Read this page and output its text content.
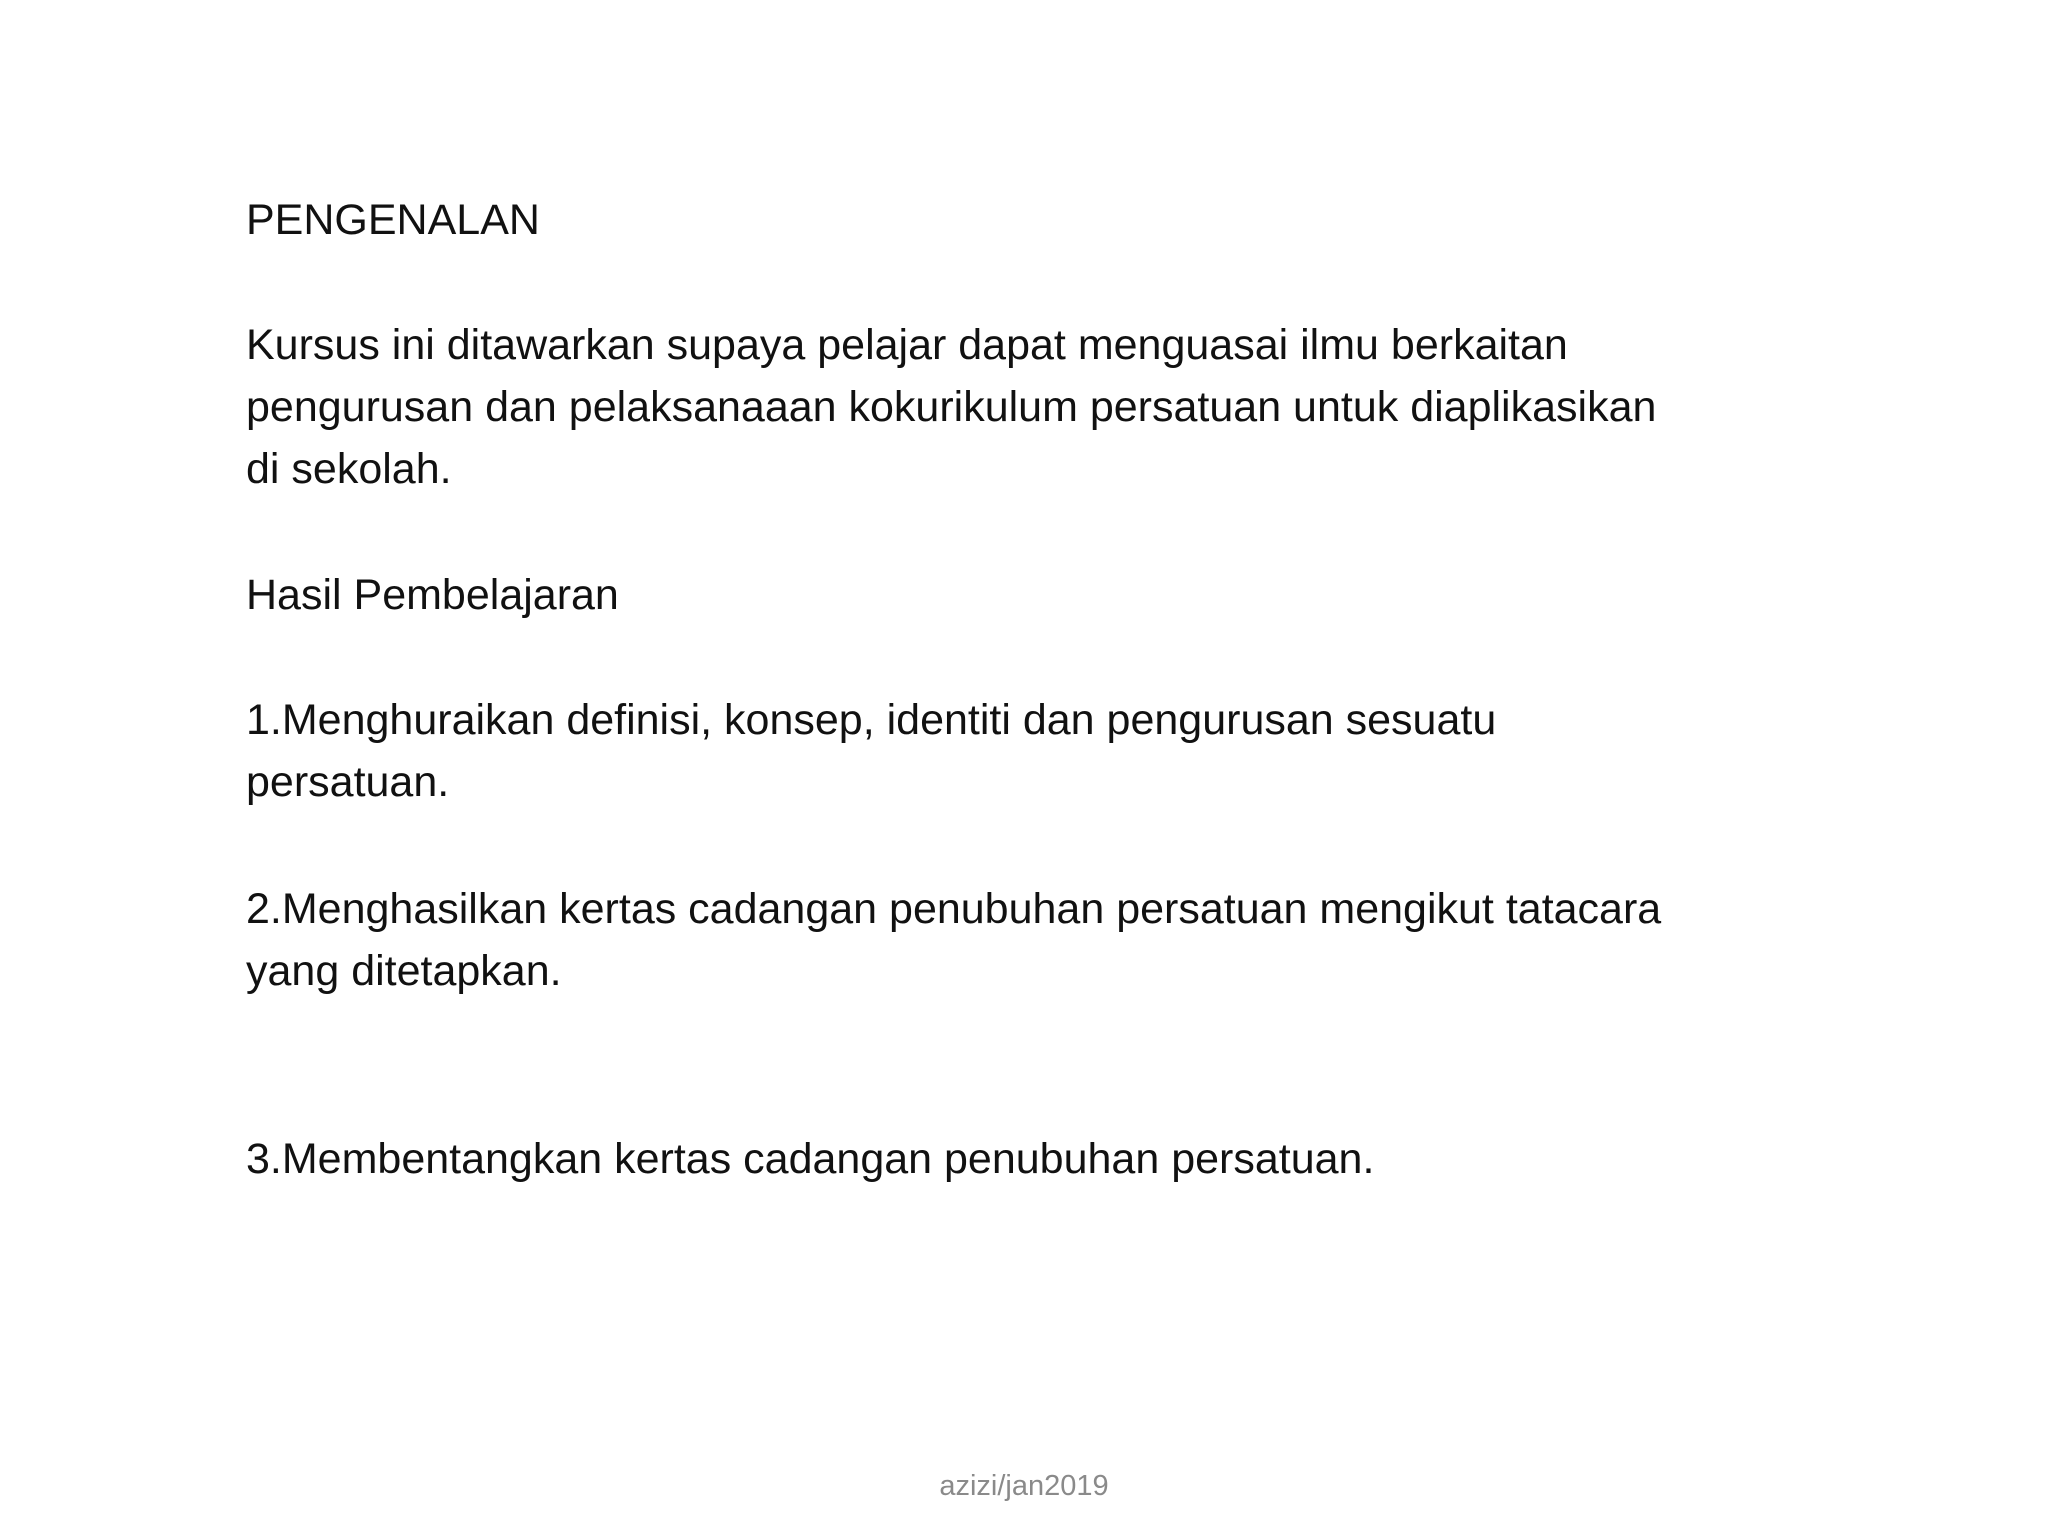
PENGENALAN
Kursus ini ditawarkan supaya pelajar dapat menguasai ilmu berkaitan
pengurusan dan pelaksanaaan kokurikulum persatuan untuk diaplikasikan
di sekolah.
Hasil Pembelajaran
1.Menghuraikan definisi, konsep, identiti dan pengurusan sesuatu
persatuan.
2.Menghasilkan kertas cadangan penubuhan persatuan mengikut tatacara
yang ditetapkan.
3.Membentangkan kertas cadangan penubuhan persatuan.
azizi/jan2019
